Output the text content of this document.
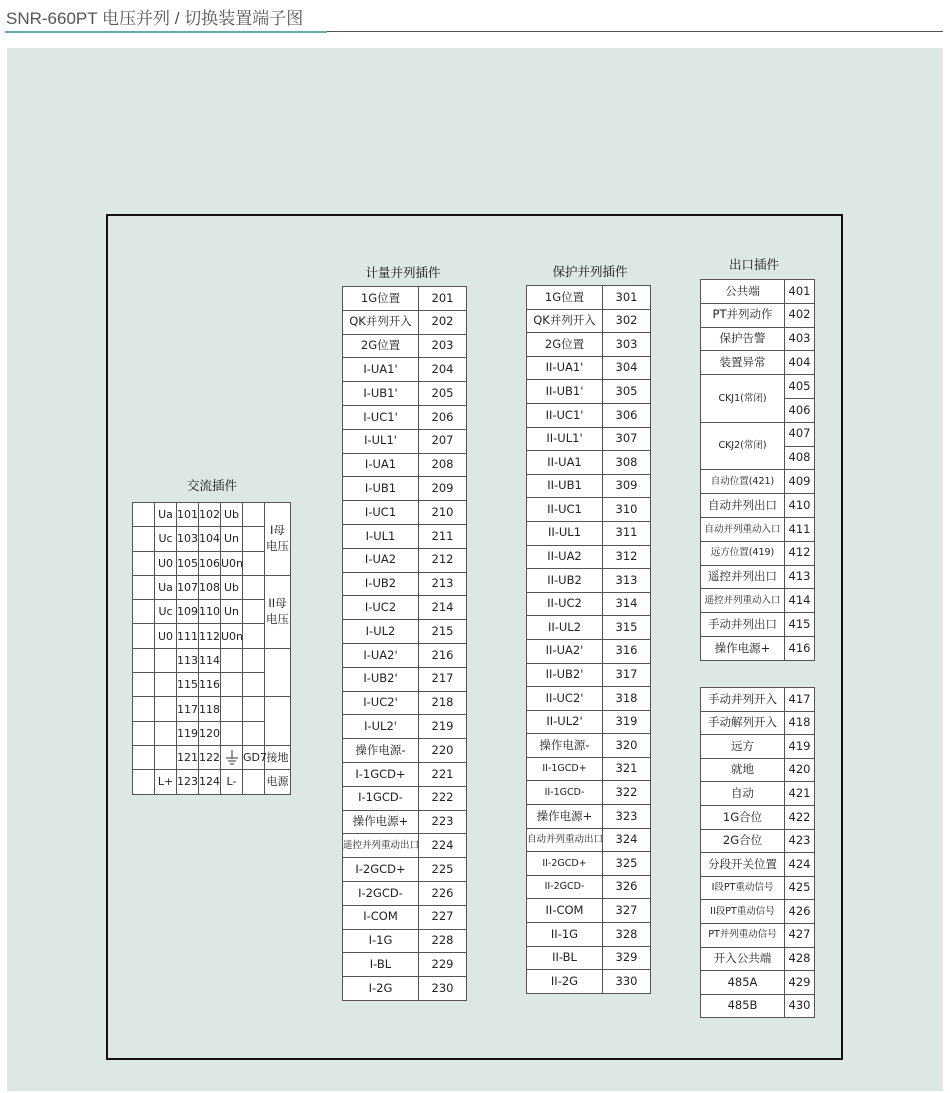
SNR-660PT 电压并列 / 切换装置端子图
交流插件
	Ua	101	102	Ub		I母电压
	Uc	103	104	Un		
	U0	105	106	U0n		
	Ua	107	108	Ub		II母电压
	Uc	109	110	Un		
	U0	111	112	U0n		
		113	114			
		115	116			
		117	118			
		119	120			
		121	122		GD7	接地
	L+	123	124	L-		电源
计量并列插件
1G位置	201
QK并列开入	202
2G位置	203
I-UA1'	204
I-UB1'	205
I-UC1'	206
I-UL1'	207
I-UA1	208
I-UB1	209
I-UC1	210
I-UL1	211
I-UA2	212
I-UB2	213
I-UC2	214
I-UL2	215
I-UA2'	216
I-UB2'	217
I-UC2'	218
I-UL2'	219
操作电源-	220
I-1GCD+	221
I-1GCD-	222
操作电源+	223
遥控并列重动出口	224
I-2GCD+	225
I-2GCD-	226
I-COM	227
I-1G	228
I-BL	229
I-2G	230
保护并列插件
1G位置	301
QK并列开入	302
2G位置	303
II-UA1'	304
II-UB1'	305
II-UC1'	306
II-UL1'	307
II-UA1	308
II-UB1	309
II-UC1	310
II-UL1	311
II-UA2	312
II-UB2	313
II-UC2	314
II-UL2	315
II-UA2'	316
II-UB2'	317
II-UC2'	318
II-UL2'	319
操作电源-	320
II-1GCD+	321
II-1GCD-	322
操作电源+	323
自动并列重动出口	324
II-2GCD+	325
II-2GCD-	326
II-COM	327
II-1G	328
II-BL	329
II-2G	330
出口插件
公共端	401
PT并列动作	402
保护告警	403
装置异常	404
CKJ1(常闭)	405
	406
CKJ2(常闭)	407
	408
自动位置(421)	409
自动并列出口	410
自动并列重动入口	411
远方位置(419)	412
遥控并列出口	413
遥控并列重动入口	414
手动并列出口	415
操作电源+	416
手动并列开入	417
手动解列开入	418
远方	419
就地	420
自动	421
1G合位	422
2G合位	423
分段开关位置	424
I段PT重动信号	425
II段PT重动信号	426
PT并列重动信号	427
开入公共端	428
485A	429
485B	430
